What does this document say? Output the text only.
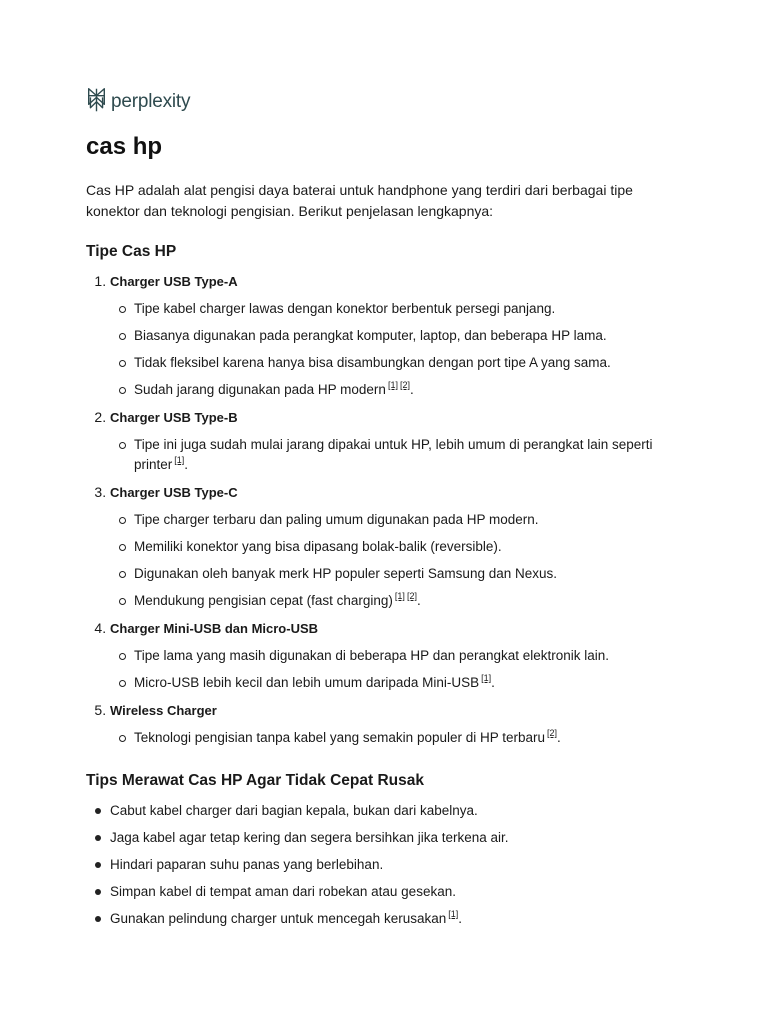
perplexity
cas hp

Cas HP adalah alat pengisi daya baterai untuk handphone yang terdiri dari berbagai tipe konektor dan teknologi pengisian. Berikut penjelasan lengkapnya:

Tipe Cas HP
1. Charger USB Type-A
Tipe kabel charger lawas dengan konektor berbentuk persegi panjang.
Biasanya digunakan pada perangkat komputer, laptop, dan beberapa HP lama.
Tidak fleksibel karena hanya bisa disambungkan dengan port tipe A yang sama.
Sudah jarang digunakan pada HP modern [1] [2].
2. Charger USB Type-B
Tipe ini juga sudah mulai jarang dipakai untuk HP, lebih umum di perangkat lain seperti printer [1].
3. Charger USB Type-C
Tipe charger terbaru dan paling umum digunakan pada HP modern.
Memiliki konektor yang bisa dipasang bolak-balik (reversible).
Digunakan oleh banyak merk HP populer seperti Samsung dan Nexus.
Mendukung pengisian cepat (fast charging) [1] [2].
4. Charger Mini-USB dan Micro-USB
Tipe lama yang masih digunakan di beberapa HP dan perangkat elektronik lain.
Micro-USB lebih kecil dan lebih umum daripada Mini-USB [1].
5. Wireless Charger
Teknologi pengisian tanpa kabel yang semakin populer di HP terbaru [2].
Tips Merawat Cas HP Agar Tidak Cepat Rusak
Cabut kabel charger dari bagian kepala, bukan dari kabelnya.
Jaga kabel agar tetap kering dan segera bersihkan jika terkena air.
Hindari paparan suhu panas yang berlebihan.
Simpan kabel di tempat aman dari robekan atau gesekan.
Gunakan pelindung charger untuk mencegah kerusakan [1].
